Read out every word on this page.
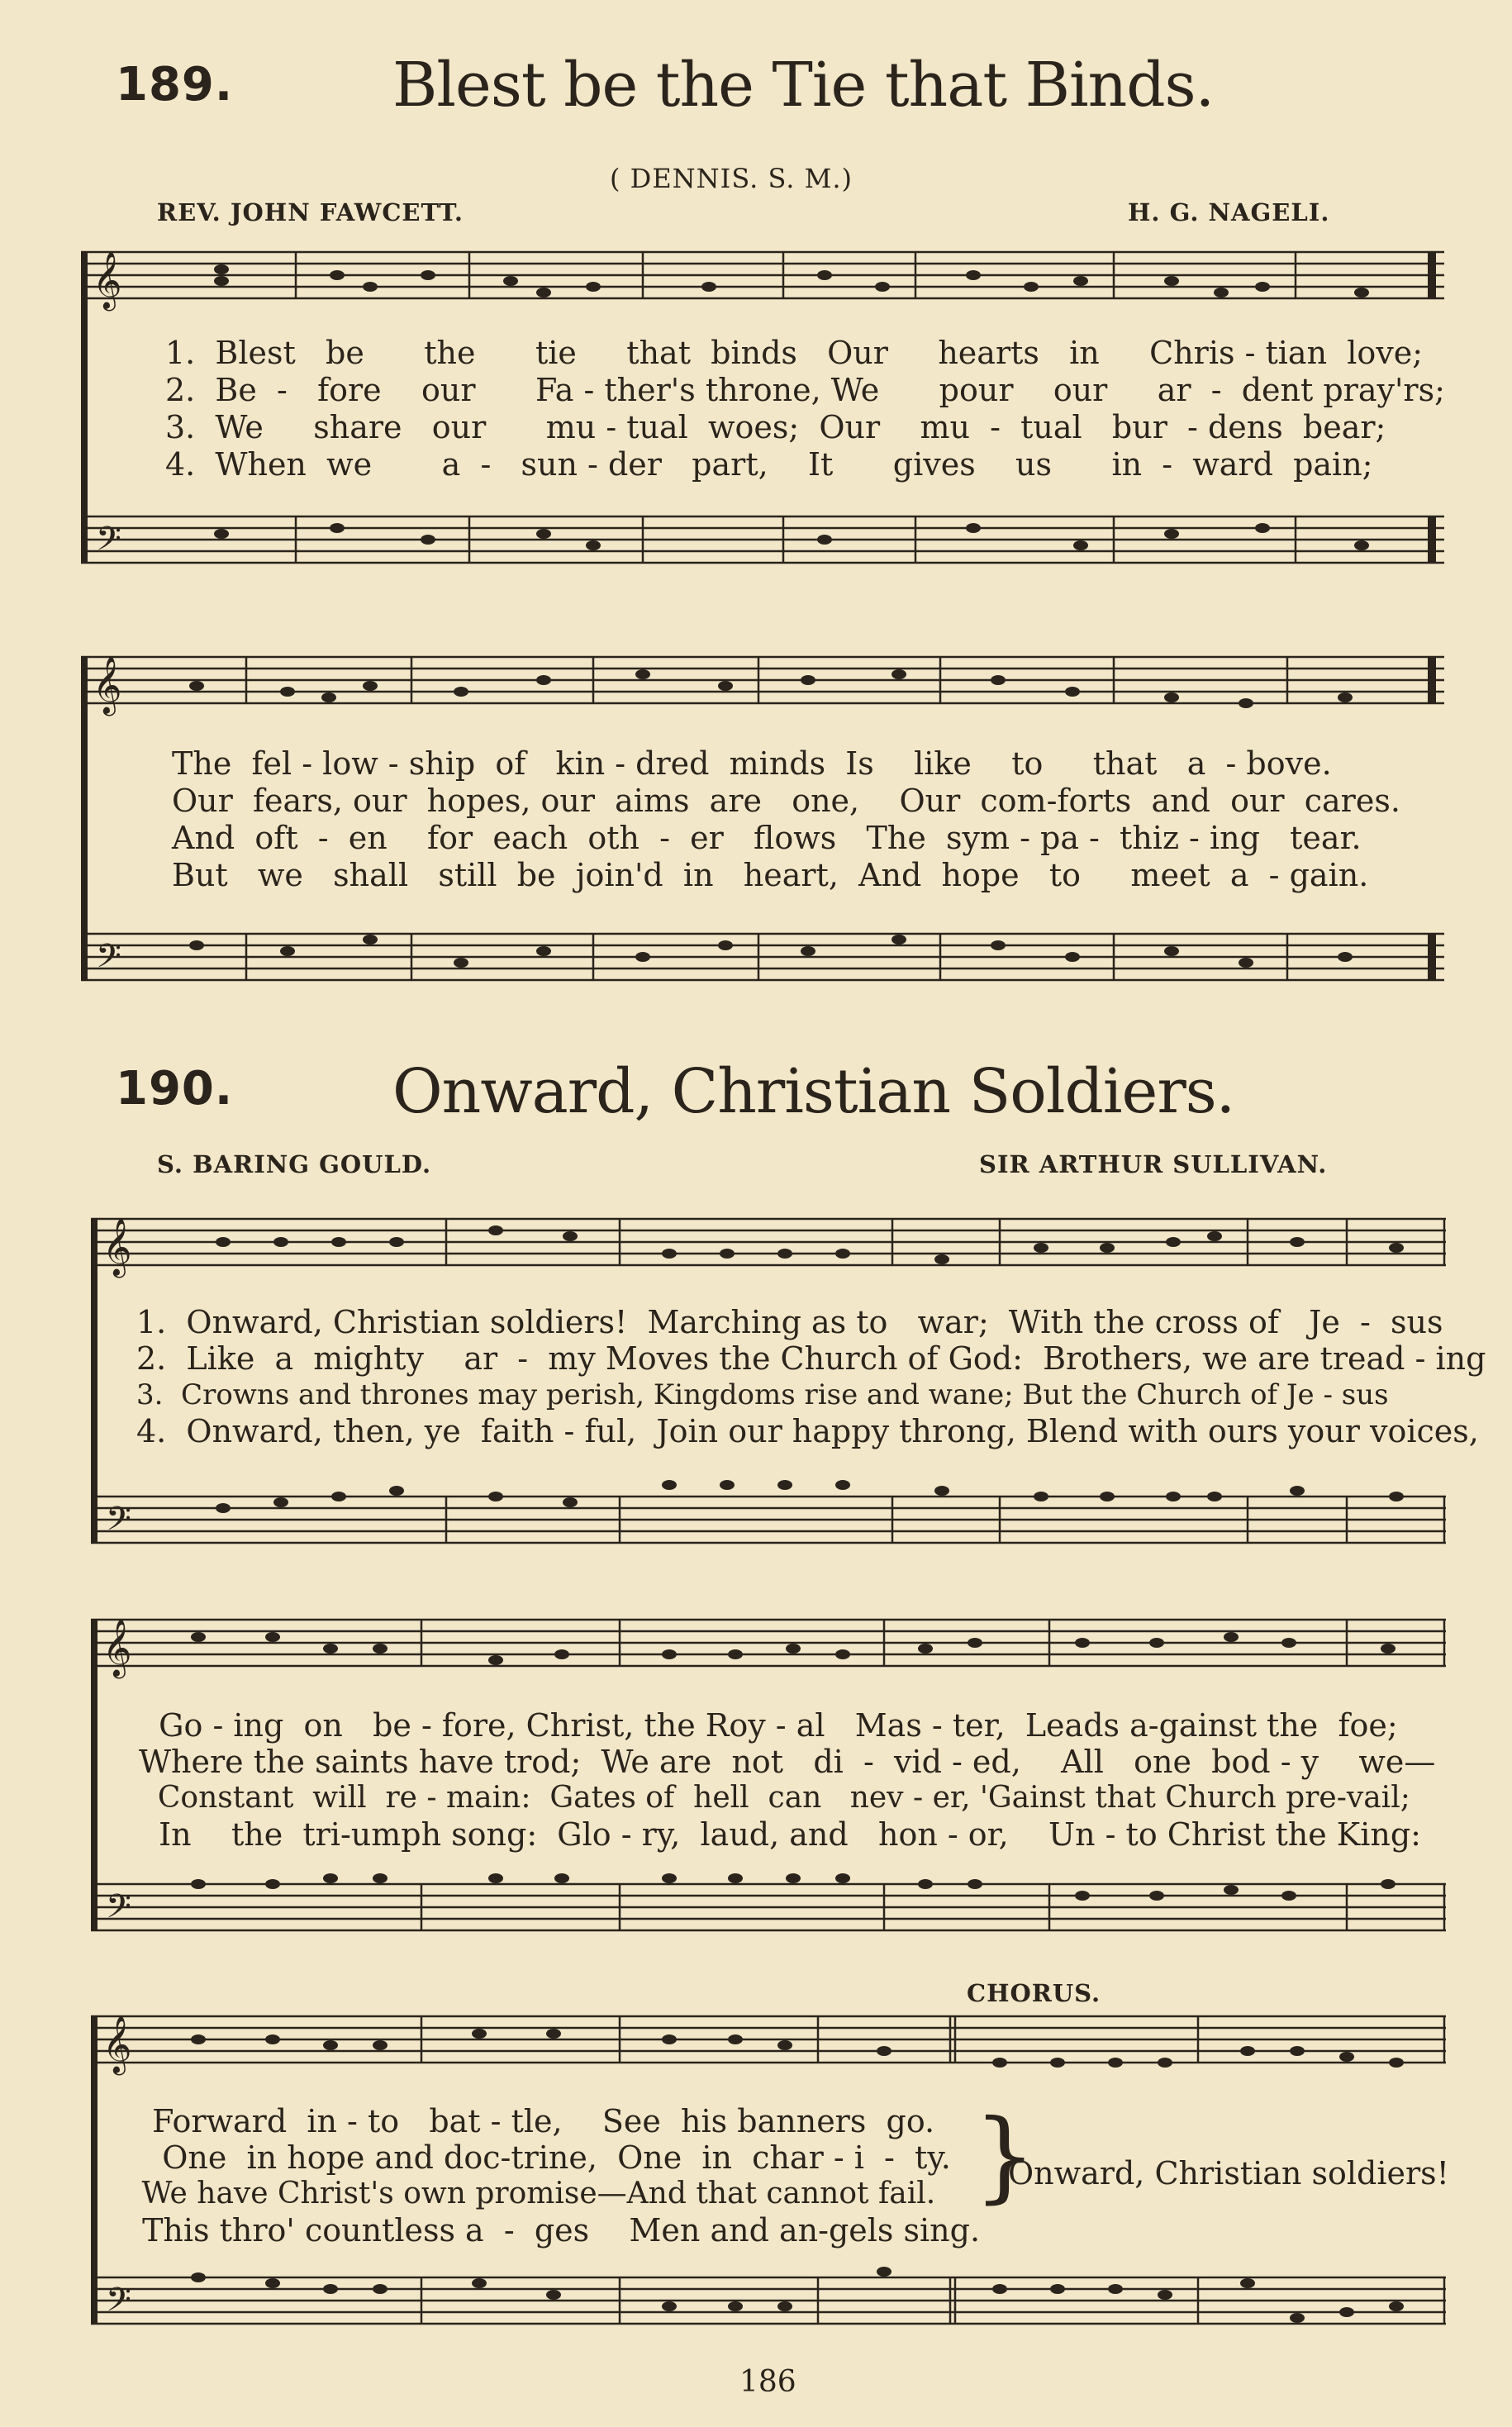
189.	Blest be the Tie that Binds.
( DENNIS. S. M.)
REV. JOHN FAWCETT.	H. G. NAGELI.
𝄞
𝄢
1.  Blest   be      the      tie     that  binds   Our     hearts   in     Chris - tian  love;
2.  Be  -   fore    our      Fa - ther's throne, We      pour    our     ar  -  dent pray'rs;
3.  We     share   our      mu - tual  woes;  Our    mu  -  tual   bur  - dens  bear;
4.  When  we       a  -   sun - der   part,    It      gives    us      in  -  ward  pain;
𝄞
𝄢
The  fel - low - ship  of   kin - dred  minds  Is    like    to     that   a  - bove.
Our  fears, our  hopes, our  aims  are   one,    Our  com-forts  and  our  cares.
And  oft  -  en    for  each  oth  -  er   flows   The  sym - pa -  thiz - ing   tear.
But   we   shall   still  be  join'd  in   heart,  And  hope   to     meet  a  - gain.
190.	Onward, Christian Soldiers.
S. BARING GOULD.	SIR ARTHUR SULLIVAN.
𝄞
𝄢
1.  Onward, Christian soldiers!  Marching as to   war;  With the cross of   Je  -  sus
2.  Like  a  mighty    ar  -  my Moves the Church of God:  Brothers, we are tread - ing
3.  Crowns and thrones may perish, Kingdoms rise and wane; But the Church of Je - sus
4.  Onward, then, ye  faith - ful,  Join our happy throng, Blend with ours your voices,
𝄞
𝄢
Go - ing  on   be - fore, Christ, the Roy - al   Mas - ter,  Leads a-gainst the  foe;
Where the saints have trod;  We are  not   di  -  vid - ed,    All   one  bod - y    we—
Constant  will  re - main:  Gates of  hell  can   nev - er, 'Gainst that Church pre-vail;
In    the  tri-umph song:  Glo - ry,  laud, and   hon - or,    Un - to Christ the King:
CHORUS.
𝄞
𝄢
Forward  in - to   bat - tle,    See  his banners  go.
One  in hope and doc-trine,  One  in  char - i  -  ty.
We have Christ's own promise—And that cannot fail.
This thro' countless a  -  ges    Men and an-gels sing.
}
Onward, Christian soldiers!
186
